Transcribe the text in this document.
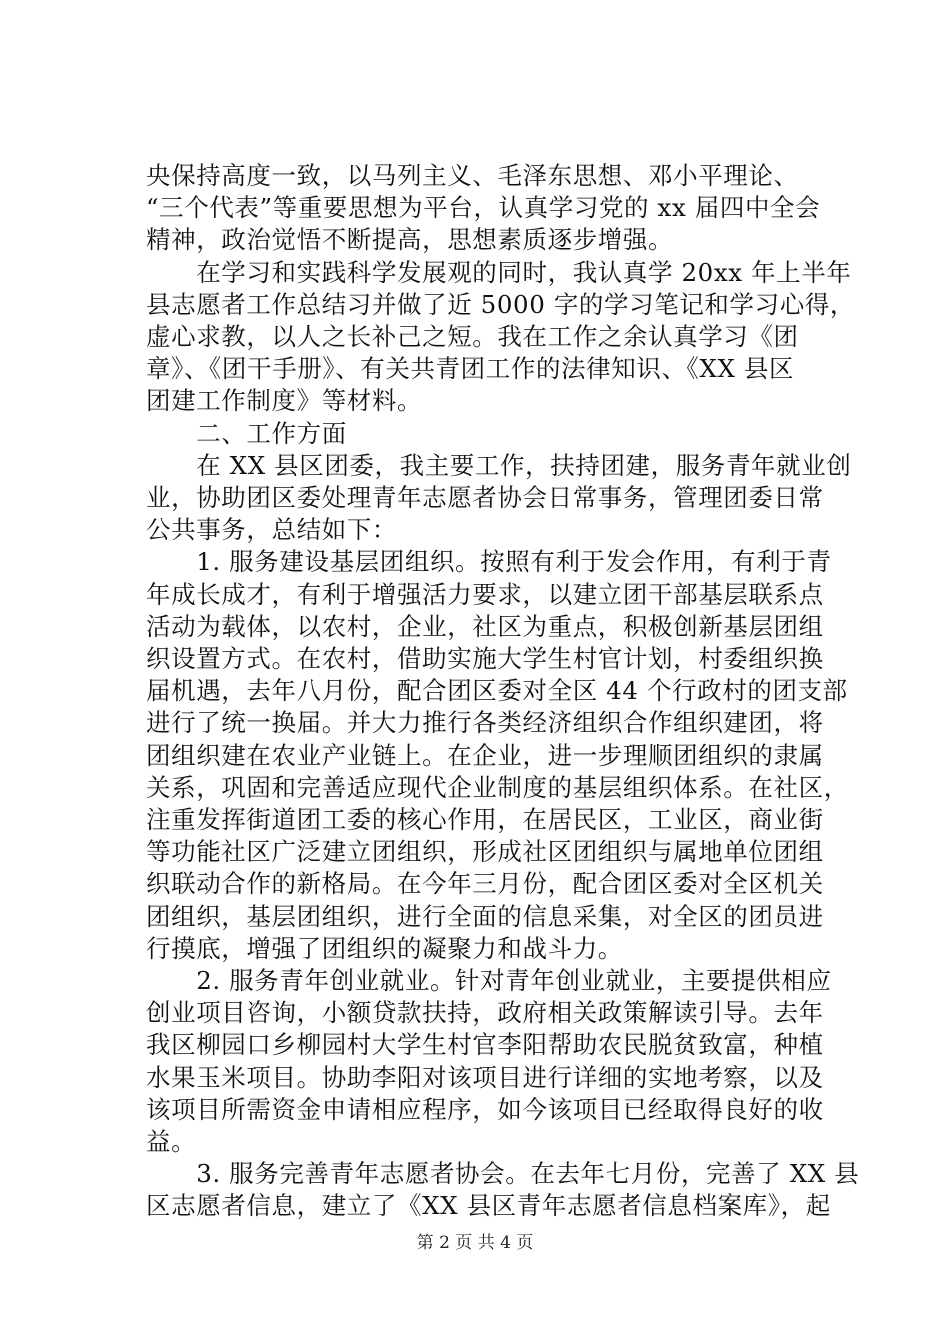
央保持高度一致，以马列主义、毛泽东思想、邓小平理论、
“三个代表”等重要思想为平台，认真学习党的 xx 届四中全会
精神，政治觉悟不断提高，思想素质逐步增强。
　　在学习和实践科学发展观的同时，我认真学 20xx 年上半年
县志愿者工作总结习并做了近 5000 字的学习笔记和学习心得，
虚心求教，以人之长补己之短。我在工作之余认真学习《团
章》、《团干手册》、有关共青团工作的法律知识、《XX 县区
团建工作制度》等材料。
　　二、工作方面
　　在 XX 县区团委，我主要工作，扶持团建，服务青年就业创
业，协助团区委处理青年志愿者协会日常事务，管理团委日常
公共事务，总结如下：
　　1. 服务建设基层团组织。按照有利于发会作用，有利于青
年成长成才，有利于增强活力要求，以建立团干部基层联系点
活动为载体，以农村，企业，社区为重点，积极创新基层团组
织设置方式。在农村，借助实施大学生村官计划，村委组织换
届机遇，去年八月份，配合团区委对全区 44 个行政村的团支部
进行了统一换届。并大力推行各类经济组织合作组织建团，将
团组织建在农业产业链上。在企业，进一步理顺团组织的隶属
关系，巩固和完善适应现代企业制度的基层组织体系。在社区，
注重发挥街道团工委的核心作用，在居民区，工业区，商业街
等功能社区广泛建立团组织，形成社区团组织与属地单位团组
织联动合作的新格局。在今年三月份，配合团区委对全区机关
团组织，基层团组织，进行全面的信息采集，对全区的团员进
行摸底，增强了团组织的凝聚力和战斗力。
　　2. 服务青年创业就业。针对青年创业就业，主要提供相应
创业项目咨询，小额贷款扶持，政府相关政策解读引导。去年
我区柳园口乡柳园村大学生村官李阳帮助农民脱贫致富，种植
水果玉米项目。协助李阳对该项目进行详细的实地考察，以及
该项目所需资金申请相应程序，如今该项目已经取得良好的收
益。
　　3. 服务完善青年志愿者协会。在去年七月份，完善了 XX 县
区志愿者信息，建立了《XX 县区青年志愿者信息档案库》，起
第 2 页 共 4 页
